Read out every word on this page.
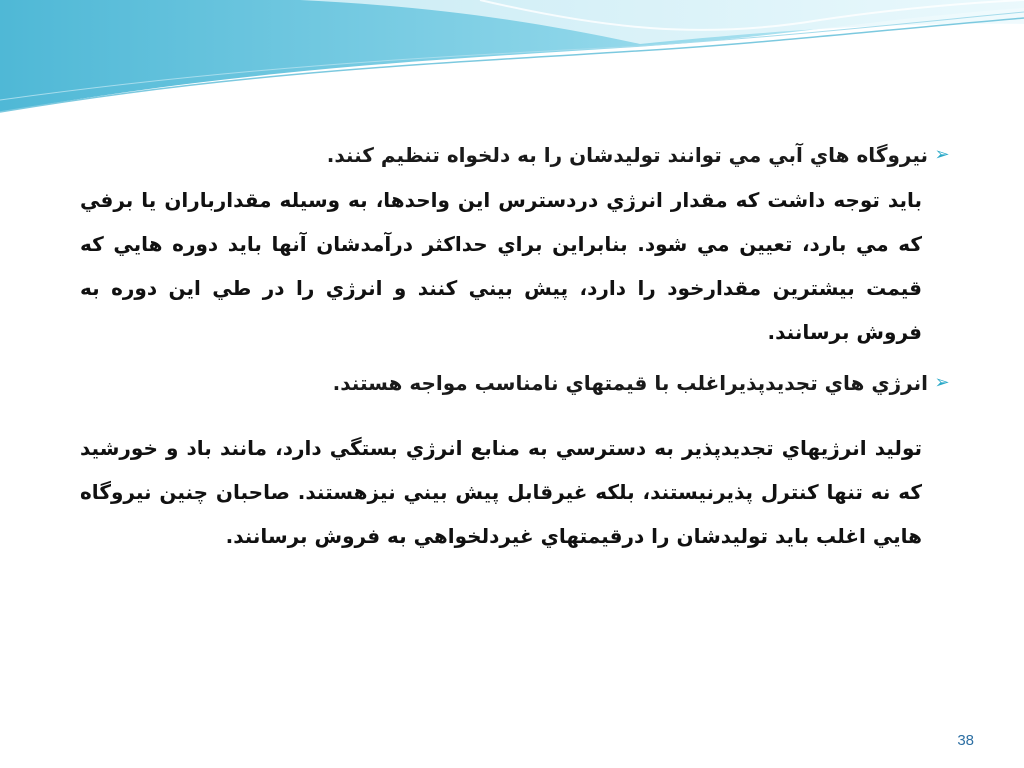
➢
نیروگاه هاي آبي مي توانند توليدشان را به دلخواه تنظيم كنند.
بايد توجه داشت كه مقدار انرژي دردسترس اين واحدها، به وسيله مقدارباران يا برفي كه مي بارد، تعيين مي شود. بنابراين براي حداكثر درآمدشان آنها بايد دوره هايي كه قيمت بيشترين مقدارخود را دارد، پيش بيني كنند و انرژي را در طي اين دوره به فروش برسانند.
➢
انرژي هاي تجديدپذيراغلب با قيمتهاي نامناسب مواجه هستند.
توليد انرژيهاي تجديدپذير به دسترسي به منابع انرژي بستگي دارد، مانند باد و خورشيد كه نه تنها كنترل پذيرنيستند، بلكه غيرقابل پيش بيني نيزهستند. صاحبان چنين نيروگاه هايي اغلب بايد توليدشان را درقيمتهاي غيردلخواهي به فروش برسانند.
38
